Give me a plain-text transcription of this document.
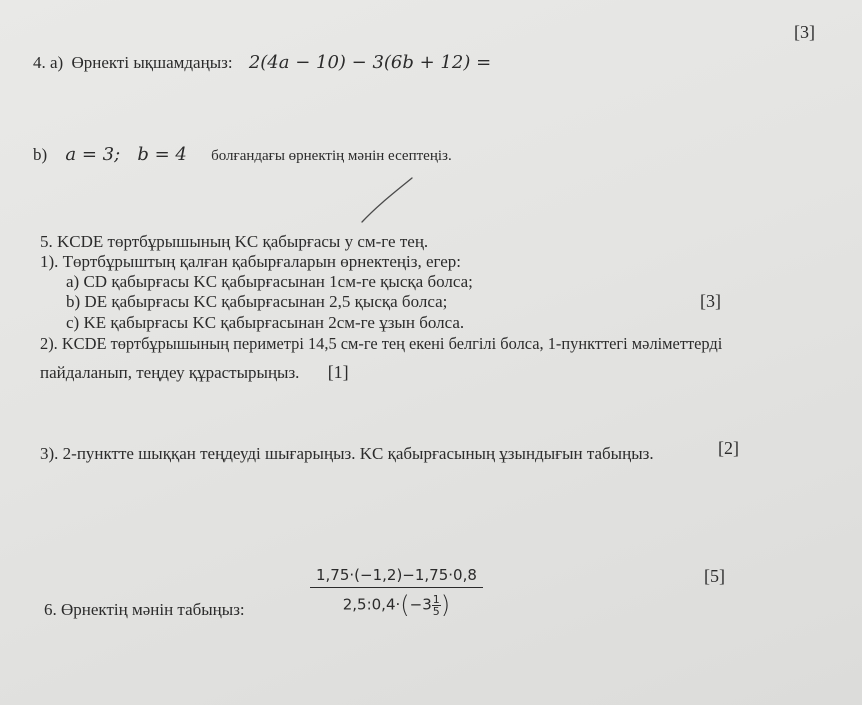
4. a) Өрнекті ықшамдаңыз: 2(4a − 10) − 3(6b + 12) =
[3]
b) a = 3;   b = 4 болғандағы өрнектің мәнін есептеңіз.
5. KCDE төртбұрышының KC қабырғасы у см-ге тең.
1). Төртбұрыштың қалған қабырғаларын өрнектеңіз, егер:
a) CD қабырғасы KC қабырғасынан 1см-ге қысқа болса;
b) DE қабырғасы KC қабырғасынан 2,5 қысқа болса;
c) KE қабырғасы KC қабырғасынан 2см-ге ұзын болса.
[3]
2). KCDE төртбұрышының периметрі 14,5 см-ге тең екені белгілі болса, 1-пункттегі мәліметтерді
пайдаланып, теңдеу құрастырыңыз. [1]
3). 2-пунктте шыққан теңдеуді шығарыңыз. KC қабырғасының ұзындығын табыңыз.	[2]
6. Өрнектің мәнін табыңыз:	$\frac{1,75\cdot(-1,2)-1,75\cdot 0,8}{2,5:0,4\cdot(-3 \frac{1}{5})}$	[5]
